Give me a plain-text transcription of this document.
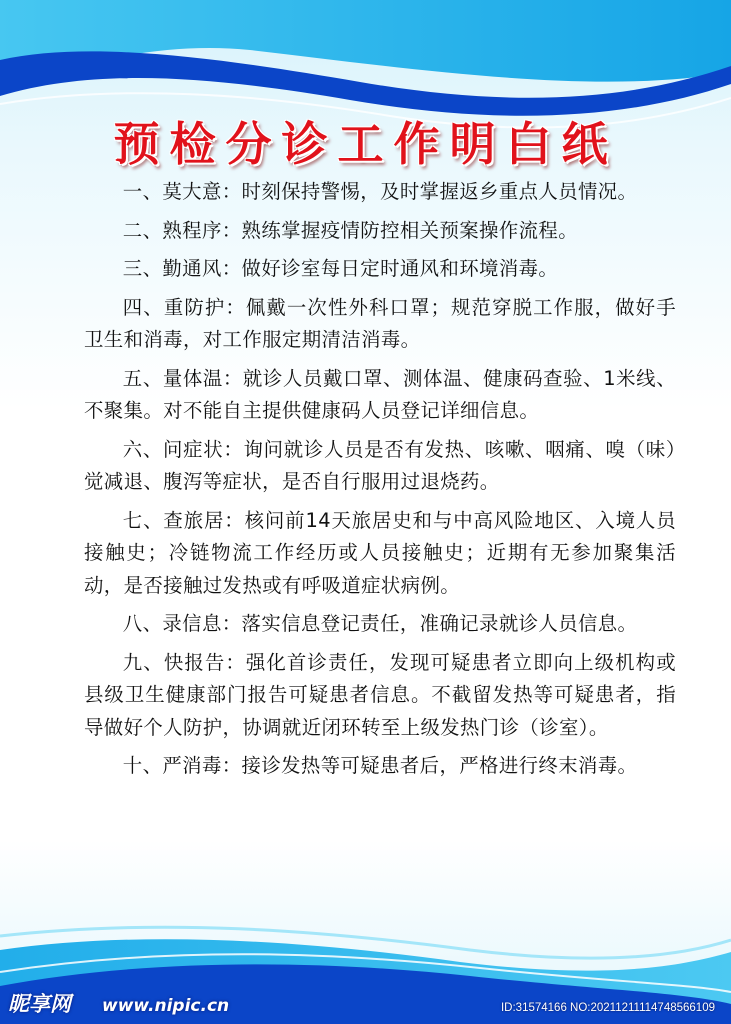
预检分诊工作明白纸

一、莫大意：时刻保持警惕，及时掌握返乡重点人员情况。

二、熟程序：熟练掌握疫情防控相关预案操作流程。

三、勤通风：做好诊室每日定时通风和环境消毒。

四、重防护：佩戴一次性外科口罩；规范穿脱工作服，做好手卫生和消毒，对工作服定期清洁消毒。

五、量体温：就诊人员戴口罩、测体温、健康码查验、1米线、不聚集。对不能自主提供健康码人员登记详细信息。

六、问症状：询问就诊人员是否有发热、咳嗽、咽痛、嗅（味）觉减退、腹泻等症状，是否自行服用过退烧药。

七、查旅居：核问前14天旅居史和与中高风险地区、入境人员接触史；冷链物流工作经历或人员接触史；近期有无参加聚集活动，是否接触过发热或有呼吸道症状病例。

八、录信息：落实信息登记责任，准确记录就诊人员信息。

九、快报告：强化首诊责任，发现可疑患者立即向上级机构或县级卫生健康部门报告可疑患者信息。不截留发热等可疑患者，指导做好个人防护，协调就近闭环转至上级发热门诊（诊室）。

十、严消毒：接诊发热等可疑患者后，严格进行终末消毒。

昵享网 www.nipic.cn	ID:31574166 NO:20211211114748566109
